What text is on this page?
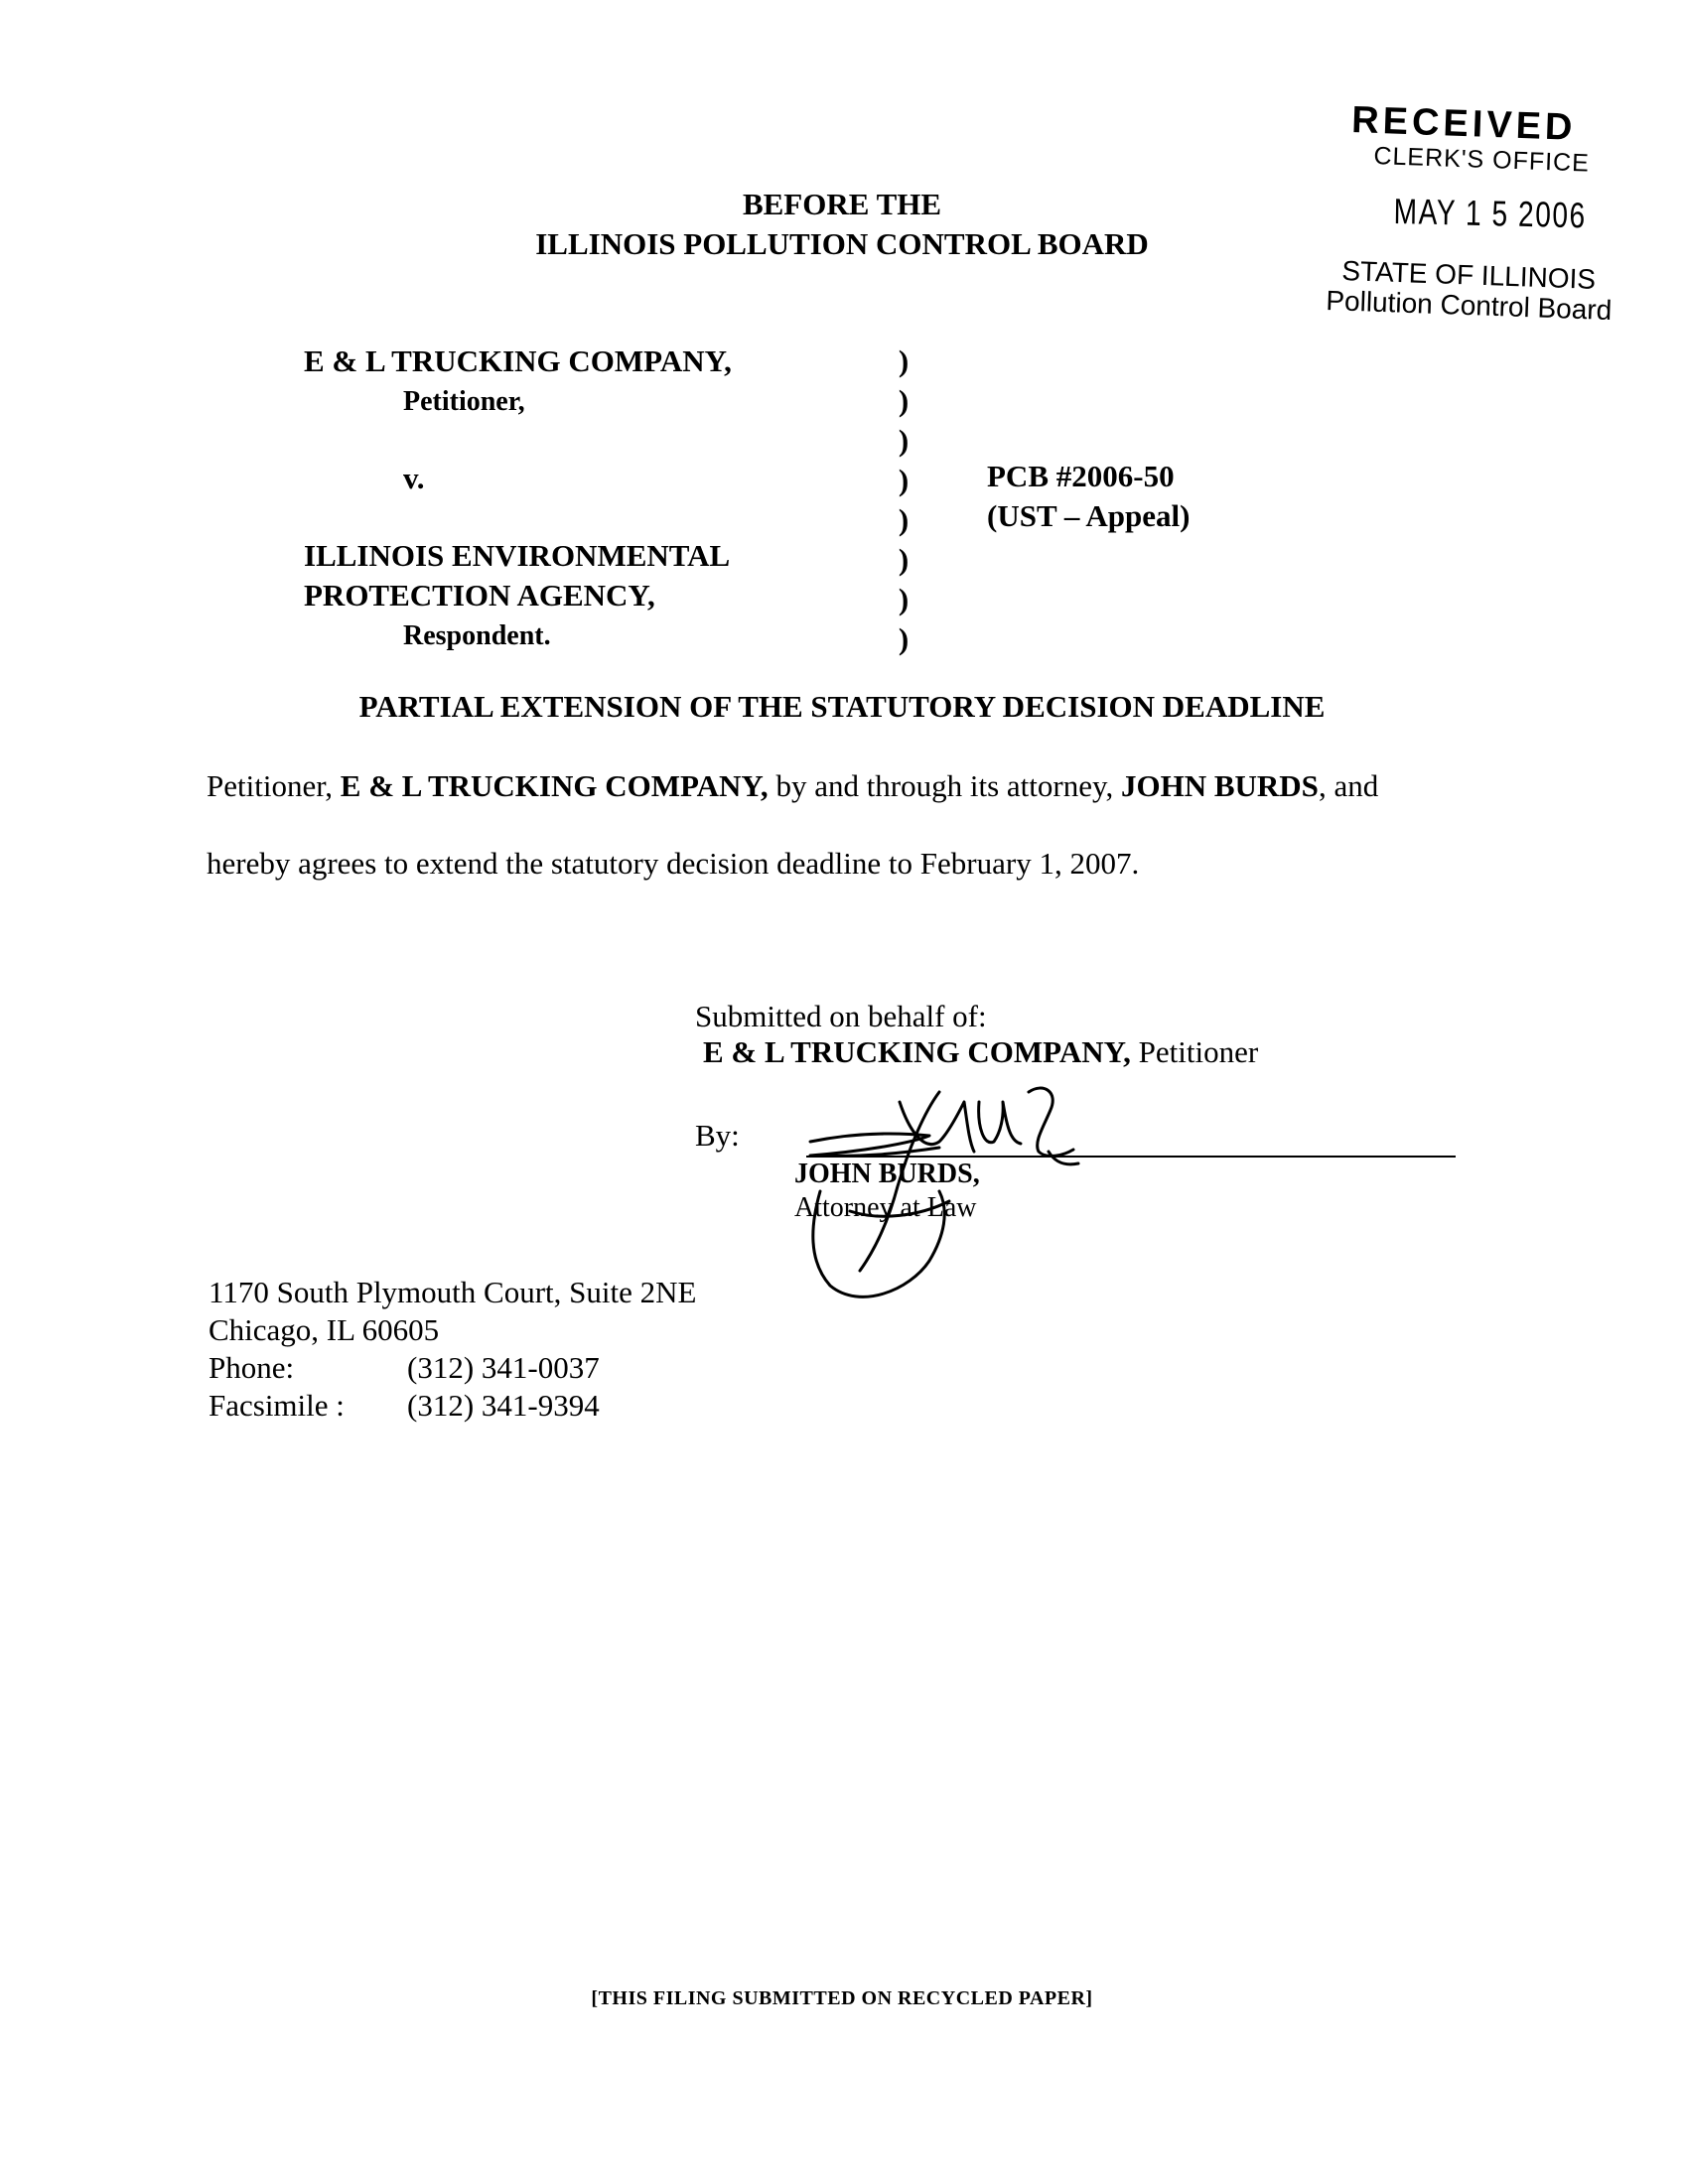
RECEIVED
CLERK'S OFFICE
MAY 1 5 2006
STATE OF ILLINOIS
Pollution Control Board
BEFORE THE
ILLINOIS POLLUTION CONTROL BOARD
E & L TRUCKING COMPANY,
Petitioner,
v.
ILLINOIS ENVIRONMENTAL
PROTECTION AGENCY,
Respondent.
)
)
)
)
)
)
)
)
PCB #2006-50
(UST – Appeal)
PARTIAL EXTENSION OF THE STATUTORY DECISION DEADLINE
Petitioner, E & L TRUCKING COMPANY, by and through its attorney, JOHN BURDS, and
hereby agrees to extend the statutory decision deadline to February 1, 2007.
Submitted on behalf of:
E & L TRUCKING COMPANY, Petitioner
By:
JOHN BURDS,
Attorney at Law
1170 South Plymouth Court, Suite 2NE
Chicago, IL 60605
Phone:	(312) 341-0037
Facsimile : (312) 341-9394
[THIS FILING SUBMITTED ON RECYCLED PAPER]
